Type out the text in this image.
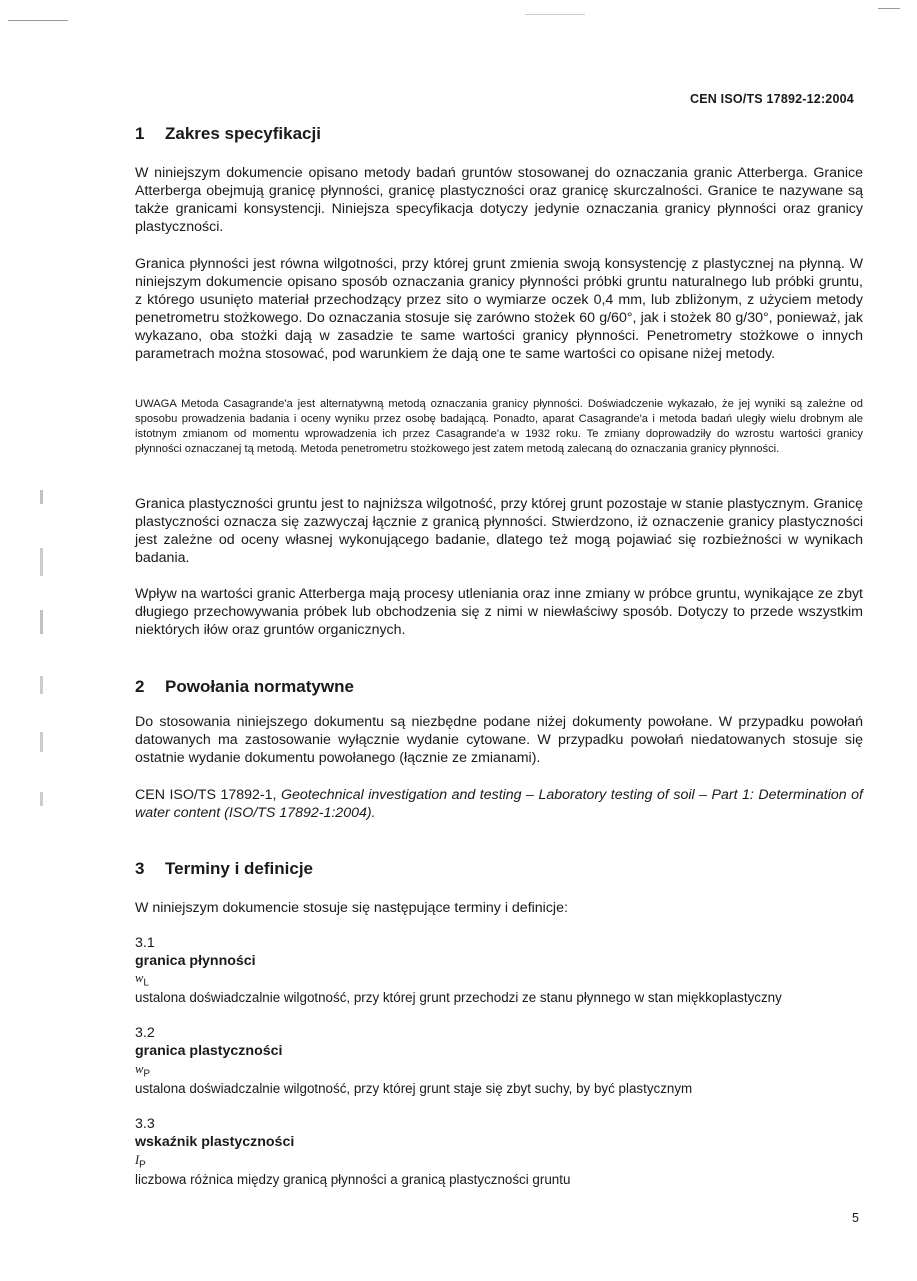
CEN ISO/TS 17892-12:2004
1 Zakres specyfikacji
W niniejszym dokumencie opisano metody badań gruntów stosowanej do oznaczania granic Atterberga. Granice Atterberga obejmują granicę płynności, granicę plastyczności oraz granicę skurczalności. Granice te nazywane są także granicami konsystencji. Niniejsza specyfikacja dotyczy jedynie oznaczania granicy płynności oraz granicy plastyczności.
Granica płynności jest równa wilgotności, przy której grunt zmienia swoją konsystencję z plastycznej na płynną. W niniejszym dokumencie opisano sposób oznaczania granicy płynności próbki gruntu naturalnego lub próbki gruntu, z którego usunięto materiał przechodzący przez sito o wymiarze oczek 0,4 mm, lub zbliżonym, z użyciem metody penetrometru stożkowego. Do oznaczania stosuje się zarówno stożek 60 g/60°, jak i stożek 80 g/30°, ponieważ, jak wykazano, oba stożki dają w zasadzie te same wartości granicy płynności. Penetrometry stożkowe o innych parametrach można stosować, pod warunkiem że dają one te same wartości co opisane niżej metody.
UWAGA Metoda Casagrande'a jest alternatywną metodą oznaczania granicy płynności. Doświadczenie wykazało, że jej wyniki są zależne od sposobu prowadzenia badania i oceny wyniku przez osobę badającą. Ponadto, aparat Casagrande'a i metoda badań uległy wielu drobnym ale istotnym zmianom od momentu wprowadzenia ich przez Casagrande'a w 1932 roku. Te zmiany doprowadziły do wzrostu wartości granicy płynności oznaczanej tą metodą. Metoda penetrometru stożkowego jest zatem metodą zalecaną do oznaczania granicy płynności.
Granica plastyczności gruntu jest to najniższa wilgotność, przy której grunt pozostaje w stanie plastycznym. Granicę plastyczności oznacza się zazwyczaj łącznie z granicą płynności. Stwierdzono, iż oznaczenie granicy plastyczności jest zależne od oceny własnej wykonującego badanie, dlatego też mogą pojawiać się rozbieżności w wynikach badania.
Wpływ na wartości granic Atterberga mają procesy utleniania oraz inne zmiany w próbce gruntu, wynikające ze zbyt długiego przechowywania próbek lub obchodzenia się z nimi w niewłaściwy sposób. Dotyczy to przede wszystkim niektórych iłów oraz gruntów organicznych.
2 Powołania normatywne
Do stosowania niniejszego dokumentu są niezbędne podane niżej dokumenty powołane. W przypadku powołań datowanych ma zastosowanie wyłącznie wydanie cytowane. W przypadku powołań niedatowanych stosuje się ostatnie wydanie dokumentu powołanego (łącznie ze zmianami).
CEN ISO/TS 17892-1, Geotechnical investigation and testing – Laboratory testing of soil – Part 1: Determination of water content (ISO/TS 17892-1:2004).
3 Terminy i definicje
W niniejszym dokumencie stosuje się następujące terminy i definicje:
3.1
granica płynności
$w_L$
ustalona doświadczalnie wilgotność, przy której grunt przechodzi ze stanu płynnego w stan miękkoplastyczny
3.2
granica plastyczności
$w_P$
ustalona doświadczalnie wilgotność, przy której grunt staje się zbyt suchy, by być plastycznym
3.3
wskaźnik plastyczności
$I_P$
liczbowa różnica między granicą płynności a granicą plastyczności gruntu
5
